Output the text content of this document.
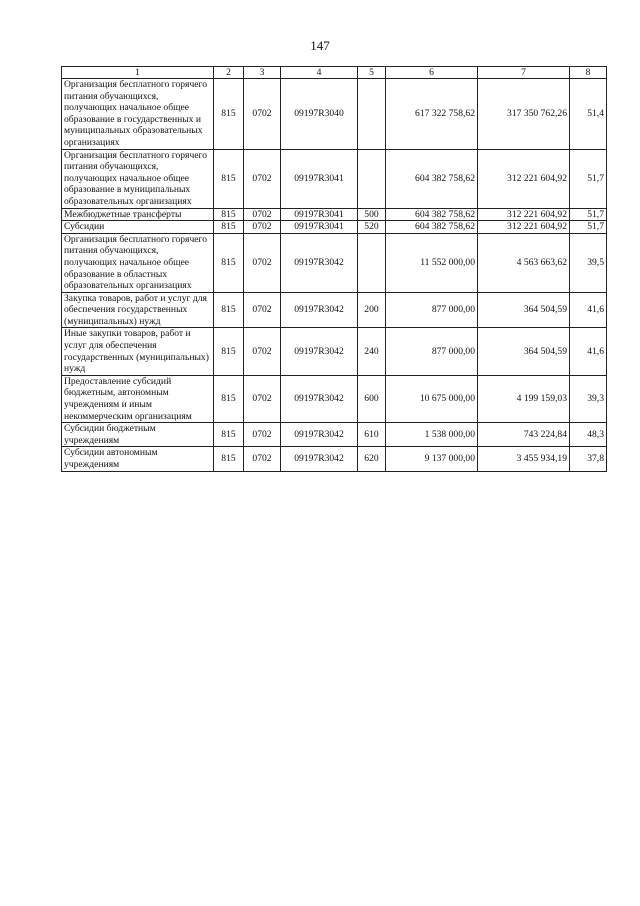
147
1	2	3	4	5	6	7	8
Организация бесплатного горячего питания обучающихся, получающих начальное общее образование в государственных и муниципальных образовательных организациях	815	0702	09197R3040		617 322 758,62	317 350 762,26	51,4
Организация бесплатного горячего питания обучающихся, получающих начальное общее образование в муниципальных образовательных организациях	815	0702	09197R3041		604 382 758,62	312 221 604,92	51,7
Межбюджетные трансферты	815	0702	09197R3041	500	604 382 758,62	312 221 604,92	51,7
Субсидии	815	0702	09197R3041	520	604 382 758,62	312 221 604,92	51,7
Организация бесплатного горячего питания обучающихся, получающих начальное общее образование в областных образовательных организациях	815	0702	09197R3042		11 552 000,00	4 563 663,62	39,5
Закупка товаров, работ и услуг для обеспечения государственных (муниципальных) нужд	815	0702	09197R3042	200	877 000,00	364 504,59	41,6
Иные закупки товаров, работ и услуг для обеспечения государственных (муниципальных) нужд	815	0702	09197R3042	240	877 000,00	364 504,59	41,6
Предоставление субсидий бюджетным, автономным учреждениям и иным некоммерческим организациям	815	0702	09197R3042	600	10 675 000,00	4 199 159,03	39,3
Субсидии бюджетным учреждениям	815	0702	09197R3042	610	1 538 000,00	743 224,84	48,3
Субсидии автономным учреждениям	815	0702	09197R3042	620	9 137 000,00	3 455 934,19	37,8
